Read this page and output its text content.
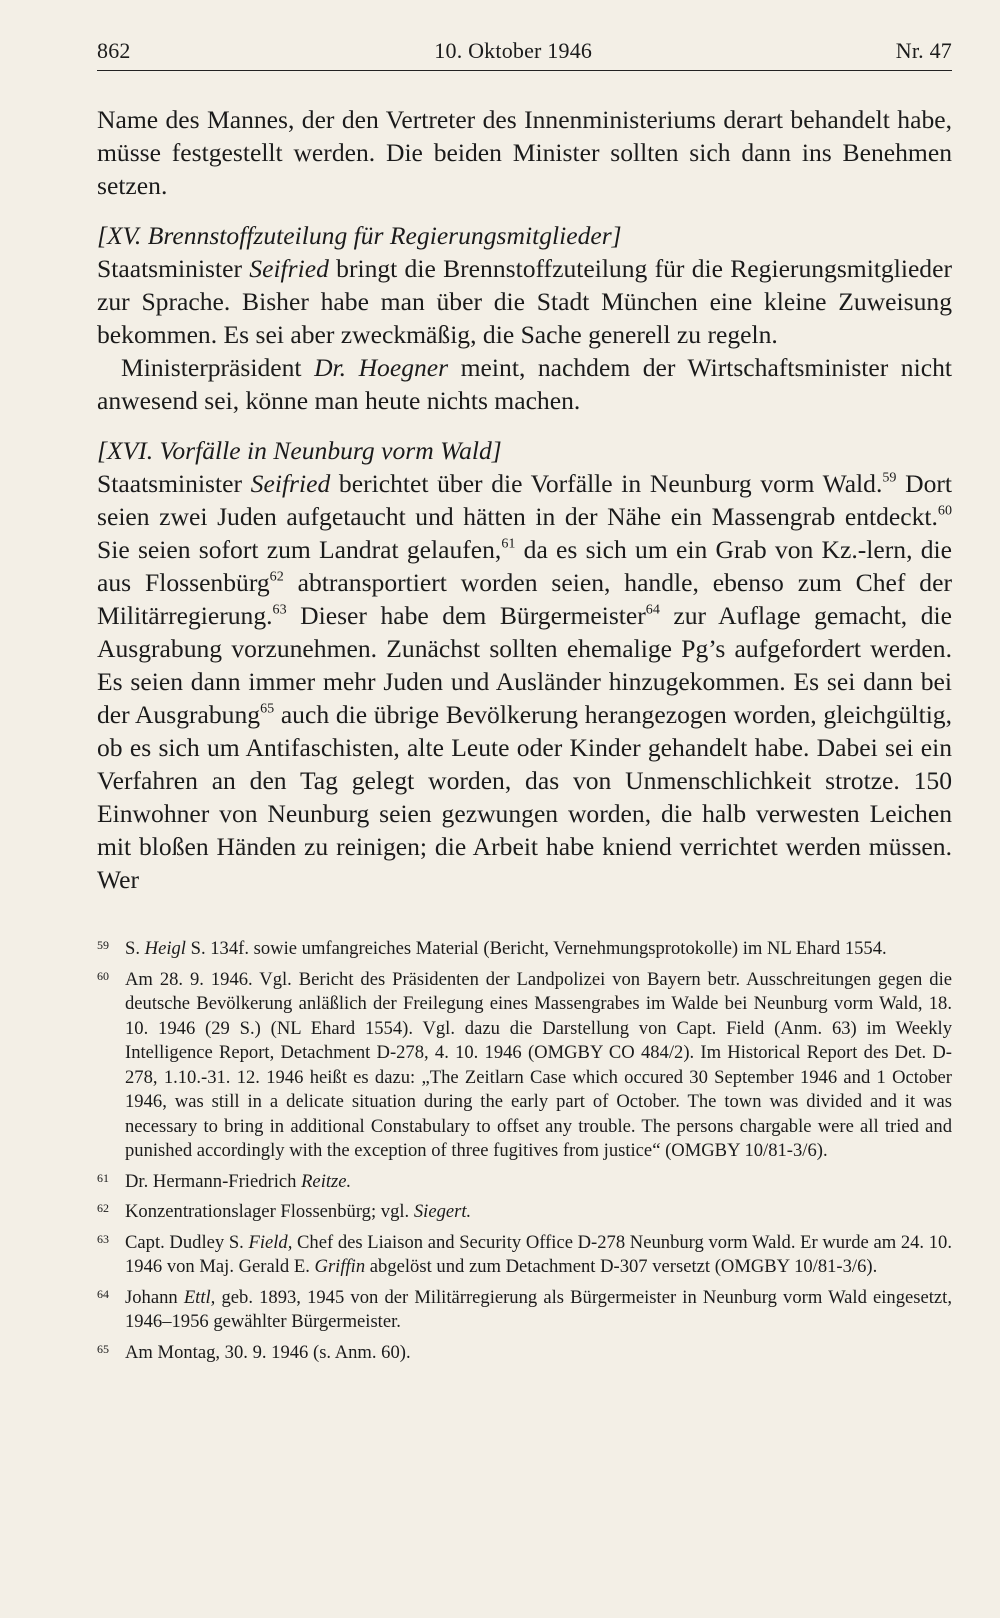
862	10. Oktober 1946	Nr. 47

Name des Mannes, der den Vertreter des Innenministeriums derart behandelt habe, müsse festgestellt werden. Die beiden Minister sollten sich dann ins Benehmen setzen.

[XV. Brennstoffzuteilung für Regierungsmitglieder]

Staatsminister Seifried bringt die Brennstoffzuteilung für die Regierungsmitglieder zur Sprache. Bisher habe man über die Stadt München eine kleine Zuweisung bekommen. Es sei aber zweckmäßig, die Sache generell zu regeln.

Ministerpräsident Dr. Hoegner meint, nachdem der Wirtschaftsminister nicht anwesend sei, könne man heute nichts machen.

[XVI. Vorfälle in Neunburg vorm Wald]

Staatsminister Seifried berichtet über die Vorfälle in Neunburg vorm Wald.$^{59}$ Dort seien zwei Juden aufgetaucht und hätten in der Nähe ein Massengrab entdeckt.$^{60}$ Sie seien sofort zum Landrat gelaufen,$^{61}$ da es sich um ein Grab von Kz.-lern, die aus Flossenbürg$^{62}$ abtransportiert worden seien, handle, ebenso zum Chef der Militärregierung.$^{63}$ Dieser habe dem Bürgermeister$^{64}$ zur Auflage gemacht, die Ausgrabung vorzunehmen. Zunächst sollten ehemalige Pg’s aufgefordert werden. Es seien dann immer mehr Juden und Ausländer hinzugekommen. Es sei dann bei der Ausgrabung$^{65}$ auch die übrige Bevölkerung herangezogen worden, gleichgültig, ob es sich um Antifaschisten, alte Leute oder Kinder gehandelt habe. Dabei sei ein Verfahren an den Tag gelegt worden, das von Unmenschlichkeit strotze. 150 Einwohner von Neunburg seien gezwungen worden, die halb verwesten Leichen mit bloßen Händen zu reinigen; die Arbeit habe kniend verrichtet werden müssen. Wer

59 S. Heigl S. 134f. sowie umfangreiches Material (Bericht, Vernehmungsprotokolle) im NL Ehard 1554.
60 Am 28. 9. 1946. Vgl. Bericht des Präsidenten der Landpolizei von Bayern betr. Ausschreitungen gegen die deutsche Bevölkerung anläßlich der Freilegung eines Massengrabes im Walde bei Neunburg vorm Wald, 18. 10. 1946 (29 S.) (NL Ehard 1554). Vgl. dazu die Darstellung von Capt. Field (Anm. 63) im Weekly Intelligence Report, Detachment D-278, 4. 10. 1946 (OMGBY CO 484/2). Im Historical Report des Det. D-278, 1.10.-31. 12. 1946 heißt es dazu: „The Zeitlarn Case which occured 30 September 1946 and 1 October 1946, was still in a delicate situation during the early part of October. The town was divided and it was necessary to bring in additional Constabulary to offset any trouble. The persons chargable were all tried and punished accordingly with the exception of three fugitives from justice“ (OMGBY 10/81-3/6).
61 Dr. Hermann-Friedrich Reitze.
62 Konzentrationslager Flossenbürg; vgl. Siegert.
63 Capt. Dudley S. Field, Chef des Liaison and Security Office D-278 Neunburg vorm Wald. Er wurde am 24. 10. 1946 von Maj. Gerald E. Griffin abgelöst und zum Detachment D-307 versetzt (OMGBY 10/81-3/6).
64 Johann Ettl, geb. 1893, 1945 von der Militärregierung als Bürgermeister in Neunburg vorm Wald eingesetzt, 1946–1956 gewählter Bürgermeister.
65 Am Montag, 30. 9. 1946 (s. Anm. 60).
